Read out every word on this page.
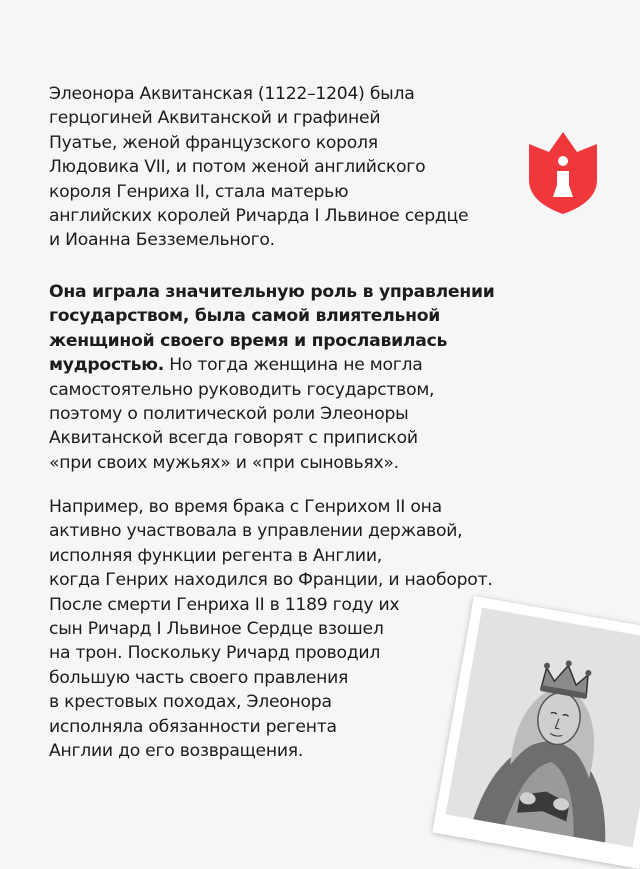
Элеонора Аквитанская (1122–1204) была
герцогиней Аквитанской и графиней
Пуатье, женой французского короля
Людовика VII, и потом женой английского
короля Генриха II, стала матерью
английских королей Ричарда I Львиное сердце
и Иоанна Безземельного.

Она играла значительную роль в управлении
государством, была самой влиятельной
женщиной своего время и прославилась
мудростью. Но тогда женщина не могла
самостоятельно руководить государством,
поэтому о политической роли Элеоноры
Аквитанской всегда говорят с припиской
«при своих мужьях» и «при сыновьях».

Например, во время брака с Генрихом II она
активно участвовала в управлении державой,
исполняя функции регента в Англии,
когда Генрих находился во Франции, и наоборот.
После смерти Генриха II в 1189 году их
сын Ричард I Львиное Сердце взошел
на трон. Поскольку Ричард проводил
большую часть своего правления
в крестовых походах, Элеонора
исполняла обязанности регента
Англии до его возвращения.
